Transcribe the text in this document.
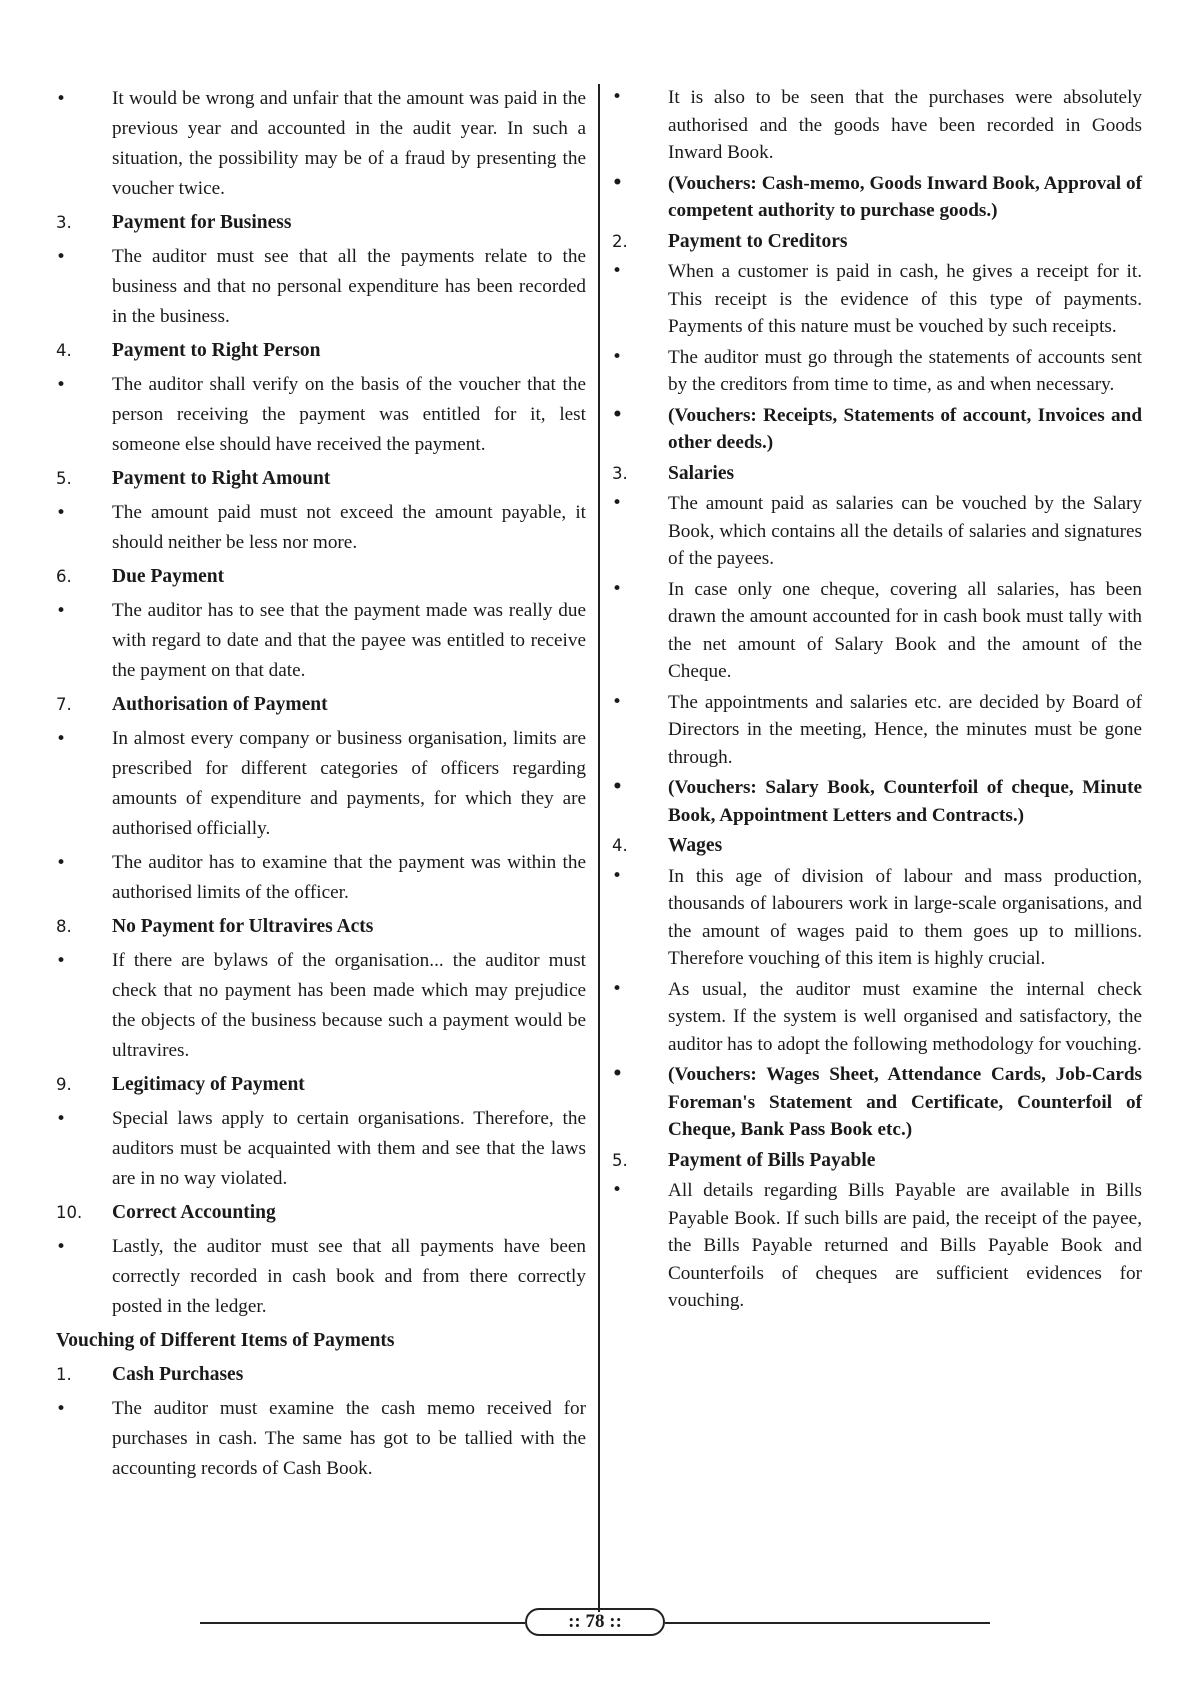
• It would be wrong and unfair that the amount was paid in the previous year and accounted in the audit year. In such a situation, the possibility may be of a fraud by presenting the voucher twice.
3. Payment for Business
• The auditor must see that all the payments relate to the business and that no personal expenditure has been recorded in the business.
4. Payment to Right Person
• The auditor shall verify on the basis of the voucher that the person receiving the payment was entitled for it, lest someone else should have received the payment.
5. Payment to Right Amount
• The amount paid must not exceed the amount payable, it should neither be less nor more.
6. Due Payment
• The auditor has to see that the payment made was really due with regard to date and that the payee was entitled to receive the payment on that date.
7. Authorisation of Payment
• In almost every company or business organisation, limits are prescribed for different categories of officers regarding amounts of expenditure and payments, for which they are authorised officially.
• The auditor has to examine that the payment was within the authorised limits of the officer.
8. No Payment for Ultravires Acts
• If there are bylaws of the organisation... the auditor must check that no payment has been made which may prejudice the objects of the business because such a payment would be ultravires.
9. Legitimacy of Payment
• Special laws apply to certain organisations. Therefore, the auditors must be acquainted with them and see that the laws are in no way violated.
10. Correct Accounting
• Lastly, the auditor must see that all payments have been correctly recorded in cash book and from there correctly posted in the ledger.
Vouching of Different Items of Payments
1. Cash Purchases
• The auditor must examine the cash memo received for purchases in cash. The same has got to be tallied with the accounting records of Cash Book.
• It is also to be seen that the purchases were absolutely authorised and the goods have been recorded in Goods Inward Book.
• (Vouchers: Cash-memo, Goods Inward Book, Approval of competent authority to purchase goods.)
2. Payment to Creditors
• When a customer is paid in cash, he gives a receipt for it. This receipt is the evidence of this type of payments. Payments of this nature must be vouched by such receipts.
• The auditor must go through the statements of accounts sent by the creditors from time to time, as and when necessary.
• (Vouchers: Receipts, Statements of account, Invoices and other deeds.)
3. Salaries
• The amount paid as salaries can be vouched by the Salary Book, which contains all the details of salaries and signatures of the payees.
• In case only one cheque, covering all salaries, has been drawn the amount accounted for in cash book must tally with the net amount of Salary Book and the amount of the Cheque.
• The appointments and salaries etc. are decided by Board of Directors in the meeting, Hence, the minutes must be gone through.
• (Vouchers: Salary Book, Counterfoil of cheque, Minute Book, Appointment Letters and Contracts.)
4. Wages
• In this age of division of labour and mass production, thousands of labourers work in large-scale organisations, and the amount of wages paid to them goes up to millions. Therefore vouching of this item is highly crucial.
• As usual, the auditor must examine the internal check system. If the system is well organised and satisfactory, the auditor has to adopt the following methodology for vouching.
• (Vouchers: Wages Sheet, Attendance Cards, Job-Cards Foreman's Statement and Certificate, Counterfoil of Cheque, Bank Pass Book etc.)
5. Payment of Bills Payable
• All details regarding Bills Payable are available in Bills Payable Book. If such bills are paid, the receipt of the payee, the Bills Payable returned and Bills Payable Book and Counterfoils of cheques are sufficient evidences for vouching.
:: 78 ::
